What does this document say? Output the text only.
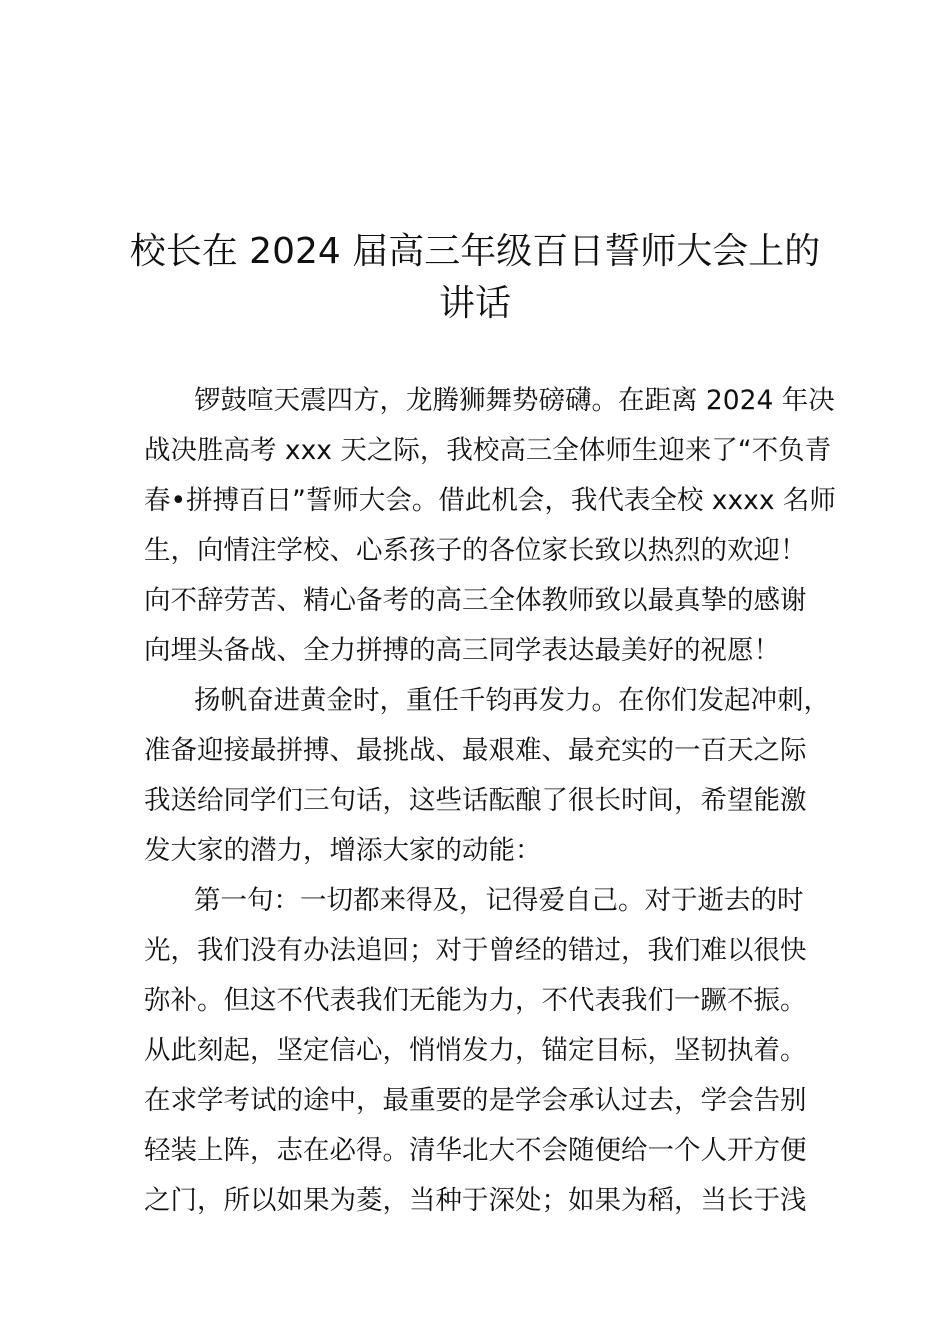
校长在 2024 届高三年级百日誓师大会上的
讲话
锣鼓喧天震四方，龙腾狮舞势磅礴。在距离 2024 年决
战决胜高考 xxx 天之际，我校高三全体师生迎来了“不负青
春•拼搏百日”誓师大会。借此机会，我代表全校 xxxx 名师
生，向情注学校、心系孩子的各位家长致以热烈的欢迎！
向不辞劳苦、精心备考的高三全体教师致以最真挚的感谢
向埋头备战、全力拼搏的高三同学表达最美好的祝愿！
扬帆奋进黄金时，重任千钧再发力。在你们发起冲刺，
准备迎接最拼搏、最挑战、最艰难、最充实的一百天之际
我送给同学们三句话，这些话酝酿了很长时间，希望能激
发大家的潜力，增添大家的动能：
第一句：一切都来得及，记得爱自己。对于逝去的时
光，我们没有办法追回；对于曾经的错过，我们难以很快
弥补。但这不代表我们无能为力，不代表我们一蹶不振。
从此刻起，坚定信心，悄悄发力，锚定目标，坚韧执着。
在求学考试的途中，最重要的是学会承认过去，学会告别
轻装上阵，志在必得。清华北大不会随便给一个人开方便
之门，所以如果为菱，当种于深处；如果为稻，当长于浅
